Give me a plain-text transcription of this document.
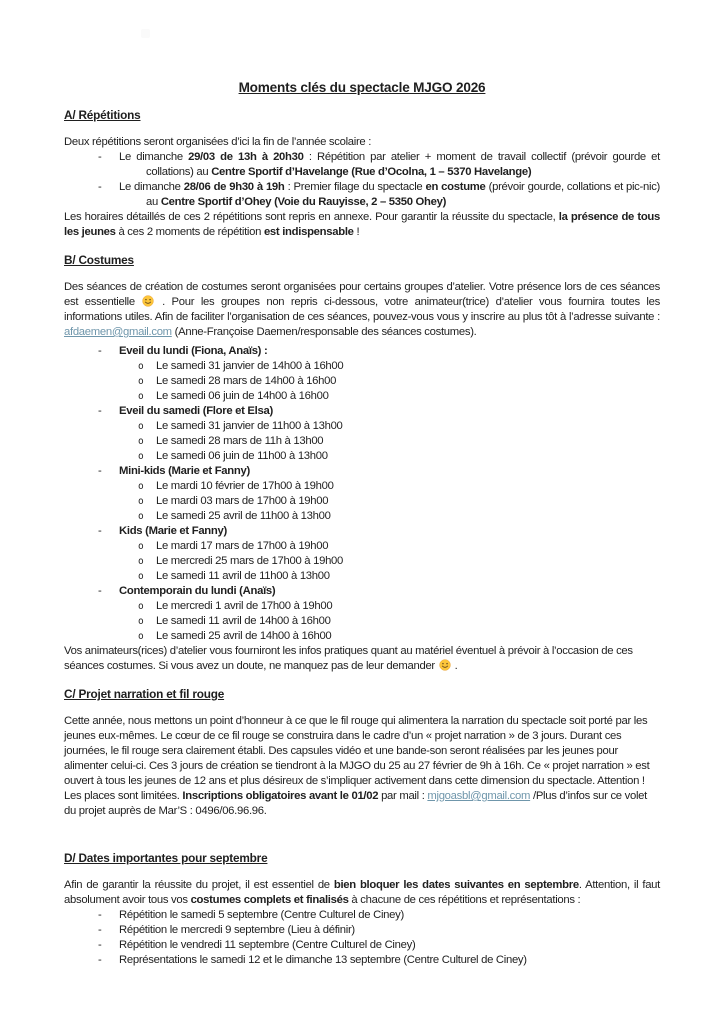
Moments clés du spectacle MJGO 2026
A/ Répétitions

Deux répétitions seront organisées d’ici la fin de l’année scolaire :

- Le dimanche 29/03 de 13h à 20h30 : Répétition par atelier + moment de travail collectif (prévoir gourde et collations) au Centre Sportif d’Havelange (Rue d’Ocolna, 1 – 5370 Havelange)
- Le dimanche 28/06 de 9h30 à 19h : Premier filage du spectacle en costume (prévoir gourde, collations et pic-nic) au Centre Sportif d’Ohey (Voie du Rauyisse, 2 – 5350 Ohey)

Les horaires détaillés de ces 2 répétitions sont repris en annexe. Pour garantir la réussite du spectacle, la présence de tous les jeunes à ces 2 moments de répétition est indispensable !

B/ Costumes

Des séances de création de costumes seront organisées pour certains groupes d’atelier. Votre présence lors de ces séances est essentielle
. Pour les groupes non repris ci-dessous, votre animateur(trice) d’atelier vous fournira toutes les informations utiles. Afin de faciliter l’organisation de ces séances, pouvez-vous vous y inscrire au plus tôt à l’adresse suivante : afdaemen@gmail.com (Anne-Françoise Daemen/responsable des séances costumes).

-	Eveil du lundi (Fiona, Anaïs) :
o	Le samedi 31 janvier de 14h00 à 16h00
o	Le samedi 28 mars de 14h00 à 16h00
o	Le samedi 06 juin de 14h00 à 16h00
-	Eveil du samedi (Flore et Elsa)
o	Le samedi 31 janvier de 11h00 à 13h00
o	Le samedi 28 mars de 11h à 13h00
o	Le samedi 06 juin de 11h00 à 13h00
-	Mini-kids (Marie et Fanny)
o	Le mardi 10 février de 17h00 à 19h00
o	Le mardi 03 mars de 17h00 à 19h00
o	Le samedi 25 avril de 11h00 à 13h00
-	Kids (Marie et Fanny)
o	Le mardi 17 mars de 17h00 à 19h00
o	Le mercredi 25 mars de 17h00 à 19h00
o	Le samedi 11 avril de 11h00 à 13h00
-	Contemporain du lundi (Anaïs)
o	Le mercredi 1 avril de 17h00 à 19h00
o	Le samedi 11 avril de 14h00 à 16h00
o	Le samedi 25 avril de 14h00 à 16h00

Vos animateurs(rices) d’atelier vous fourniront les infos pratiques quant au matériel éventuel à prévoir à l’occasion de ces séances costumes. Si vous avez un doute, ne manquez pas de leur demander
.

C/ Projet narration et fil rouge

Cette année, nous mettons un point d’honneur à ce que le fil rouge qui alimentera la narration du spectacle soit porté par les jeunes eux-mêmes. Le cœur de ce fil rouge se construira dans le cadre d’un « projet narration » de 3 jours. Durant ces journées, le fil rouge sera clairement établi. Des capsules vidéo et une bande-son seront réalisées par les jeunes pour alimenter celui-ci. Ces 3 jours de création se tiendront à la MJGO du 25 au 27 février de 9h à 16h. Ce « projet narration » est ouvert à tous les jeunes de 12 ans et plus désireux de s’impliquer activement dans cette dimension du spectacle. Attention ! Les places sont limitées. Inscriptions obligatoires avant le 01/02 par mail : mjgoasbl@gmail.com /Plus d’infos sur ce volet du projet auprès de Mar’S : 0496/06.96.96.

D/ Dates importantes pour septembre

Afin de garantir la réussite du projet, il est essentiel de bien bloquer les dates suivantes en septembre. Attention, il faut absolument avoir tous vos costumes complets et finalisés à chacune de ces répétitions et représentations :

-	Répétition le samedi 5 septembre (Centre Culturel de Ciney)
-	Répétition le mercredi 9 septembre (Lieu à définir)
-	Répétition le vendredi 11 septembre (Centre Culturel de Ciney)
-	Représentations le samedi 12 et le dimanche 13 septembre (Centre Culturel de Ciney)
